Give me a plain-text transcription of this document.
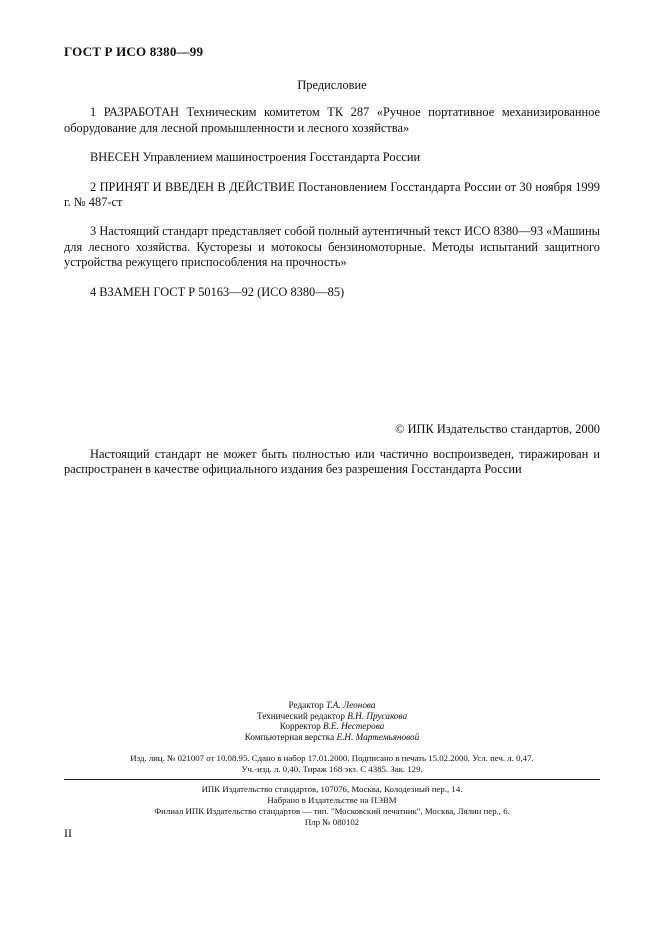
ГОСТ Р ИСО 8380—99
Предисловие

1 РАЗРАБОТАН Техническим комитетом ТК 287 «Ручное портативное механизированное оборудование для лесной промышленности и лесного хозяйства»

ВНЕСЕН Управлением машиностроения Госстандарта России

2 ПРИНЯТ И ВВЕДЕН В ДЕЙСТВИЕ Постановлением Госстандарта России от 30 ноября 1999 г. № 487-ст

3 Настоящий стандарт представляет собой полный аутентичный текст ИСО 8380—93 «Машины для лесного хозяйства. Кусторезы и мотокосы бензиномоторные. Методы испытаний защитного устройства режущего приспособления на прочность»

4 ВЗАМЕН ГОСТ Р 50163—92 (ИСО 8380—85)

© ИПК Издательство стандартов, 2000

Настоящий стандарт не может быть полностью или частично воспроизведен, тиражирован и распространен в качестве официального издания без разрешения Госстандарта России

Редактор Т.А. Леонова
Технический редактор В.Н. Прусакова
Корректор В.Е. Нестерова
Компьютерная верстка Е.Н. Мартемьяновой
Изд. лиц. № 021007 от 10.08.95. Сдано в набор 17.01.2000. Подписано в печать 15.02.2000. Усл. печ. л. 0,47.
Уч.-изд. л. 0,40. Тираж 168 экз. С 4385. Зак. 129.
ИПК Издательство стандартов, 107076, Москва, Колодезный пер., 14.
Набрано в Издательстве на ПЭВМ
Филиал ИПК Издательство стандартов — тип. "Московский печатник", Москва, Лялин пер., 6.
Плр № 080102
II
